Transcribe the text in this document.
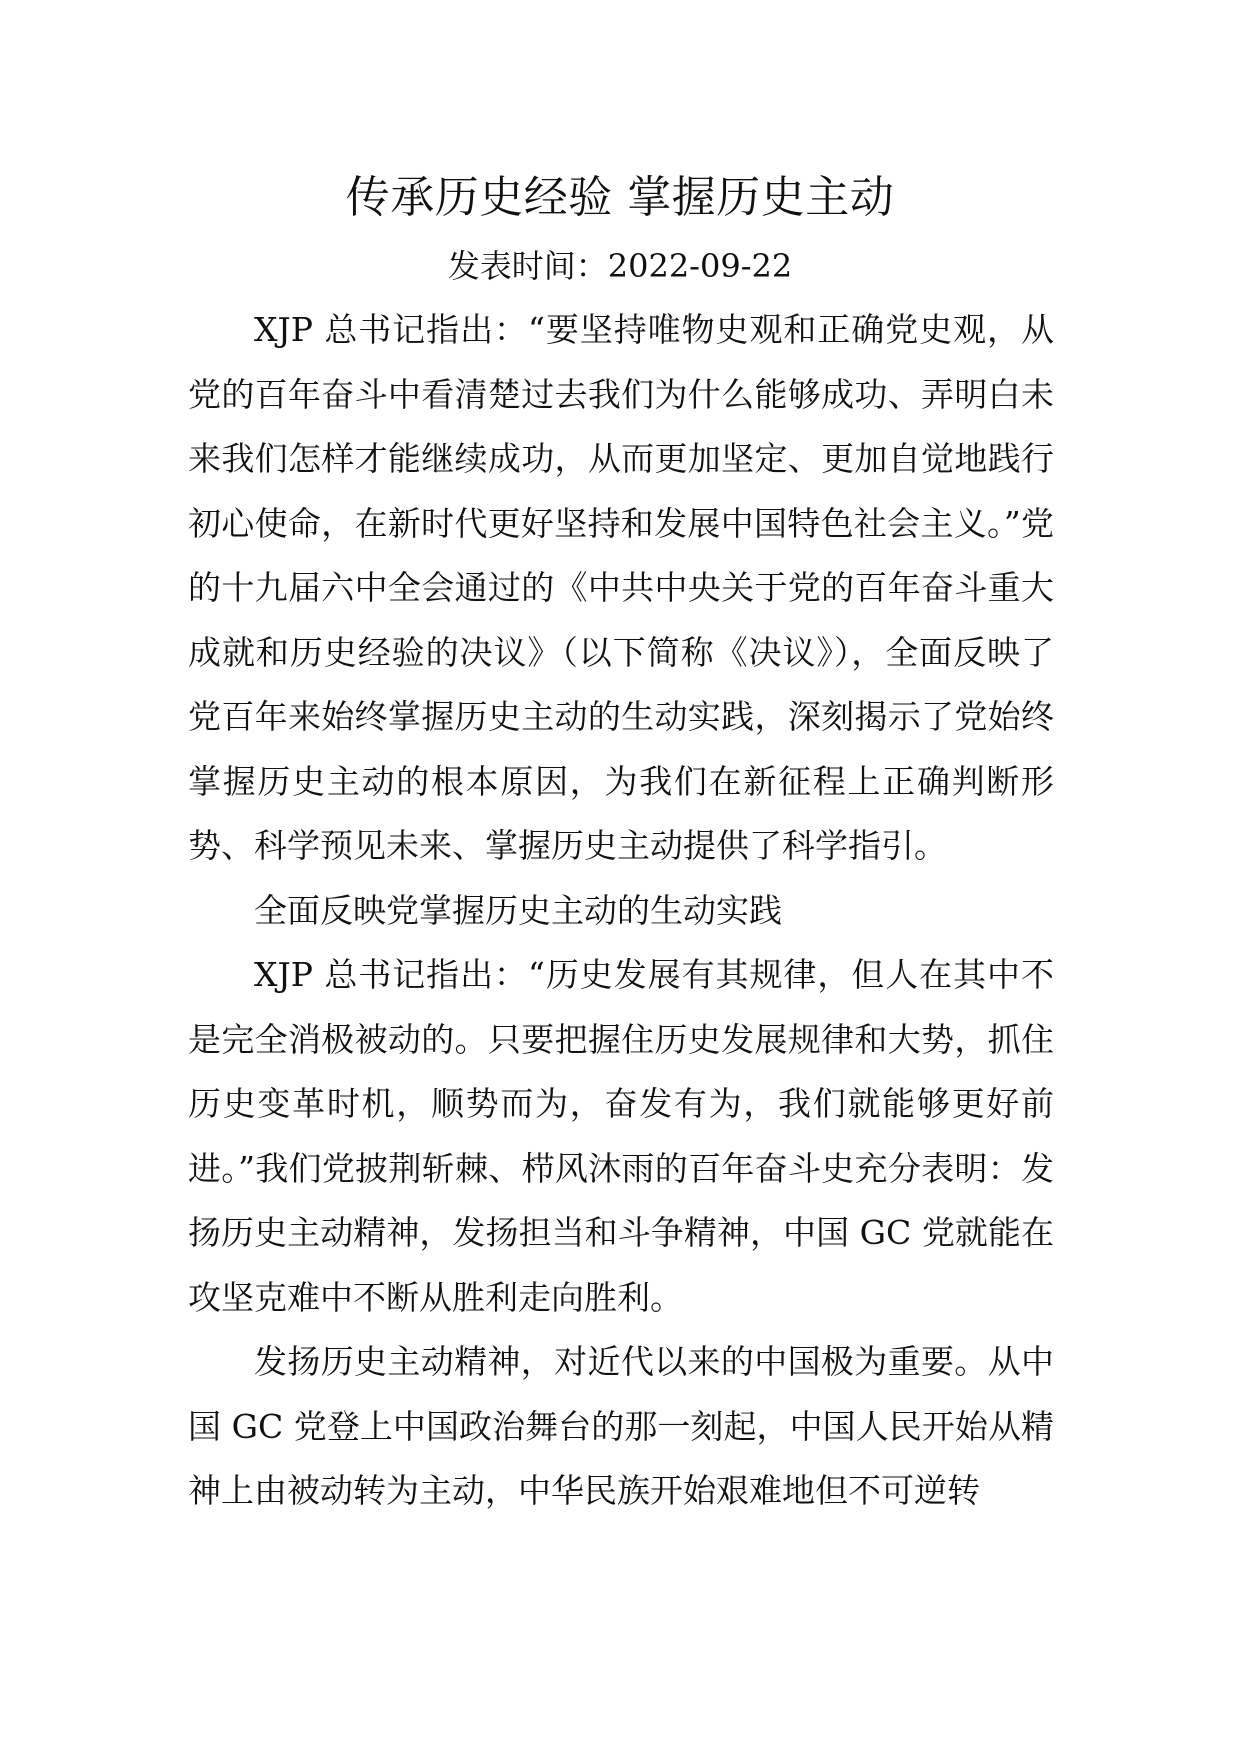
传承历史经验 掌握历史主动
发表时间：2022-09-22

XJP 总书记指出：“要坚持唯物史观和正确党史观，从党的百年奋斗中看清楚过去我们为什么能够成功、弄明白未来我们怎样才能继续成功，从而更加坚定、更加自觉地践行初心使命，在新时代更好坚持和发展中国特色社会主义。”党的十九届六中全会通过的《中共中央关于党的百年奋斗重大成就和历史经验的决议》（以下简称《决议》），全面反映了党百年来始终掌握历史主动的生动实践，深刻揭示了党始终掌握历史主动的根本原因，为我们在新征程上正确判断形势、科学预见未来、掌握历史主动提供了科学指引。

全面反映党掌握历史主动的生动实践

XJP 总书记指出：“历史发展有其规律，但人在其中不是完全消极被动的。只要把握住历史发展规律和大势，抓住历史变革时机，顺势而为，奋发有为，我们就能够更好前进。”我们党披荆斩棘、栉风沐雨的百年奋斗史充分表明：发扬历史主动精神，发扬担当和斗争精神，中国 GC 党就能在攻坚克难中不断从胜利走向胜利。

发扬历史主动精神，对近代以来的中国极为重要。从中国 GC 党登上中国政治舞台的那一刻起，中国人民开始从精神上由被动转为主动，中华民族开始艰难地但不可逆转
